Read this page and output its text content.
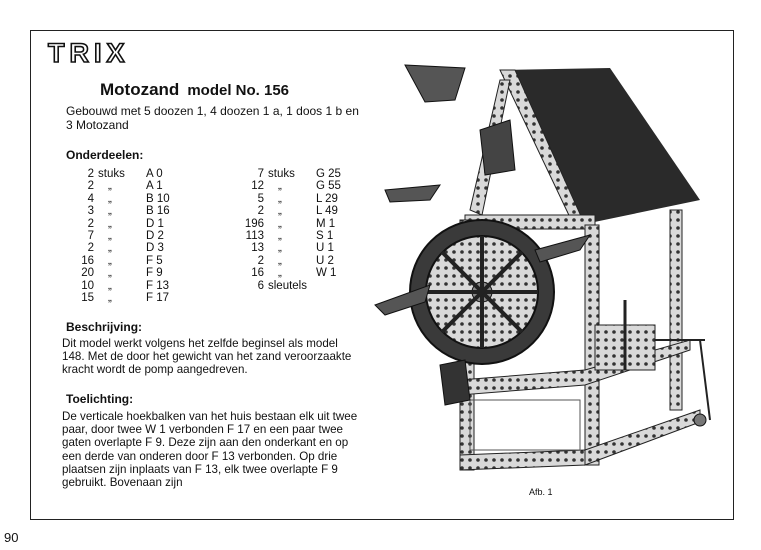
TRIX
Motozand model No. 156
Gebouwd met 5 doozen 1, 4 doozen 1 a, 1 doos 1 b en 3 Motozand
Onderdeelen:
2 stuks A 0
2 „	A 1
4 „	B 10
3 „	B 16
2 „	D 1
7 „	D 2
2 „	D 3
16 „	F 5
20 „	F 9
10 „	F 13
15 „	F 17
7 stuks G 25
12 „	G 55
5 „	L 29
2 „	L 49
196 „	M 1
113 „	S 1
13 „	U 1
2 „	U 2
16 „	W 1
6 sleutels
Beschrijving:
Dit model werkt volgens het zelfde beginsel als model 148. Met de door het gewicht van het zand veroorzaakte kracht wordt de pomp aangedreven.
Toelichting:
De verticale hoekbalken van het huis bestaan elk uit twee paar, door twee W 1 verbonden F 17 en een paar twee gaten overlapte F 9. Deze zijn aan den onderkant en op een derde van onderen door F 13 verbonden. Op drie plaatsen zijn inplaats van F 13, elk twee overlapte F 9 gebruikt. Bovenaan zijn
Afb. 1
90
